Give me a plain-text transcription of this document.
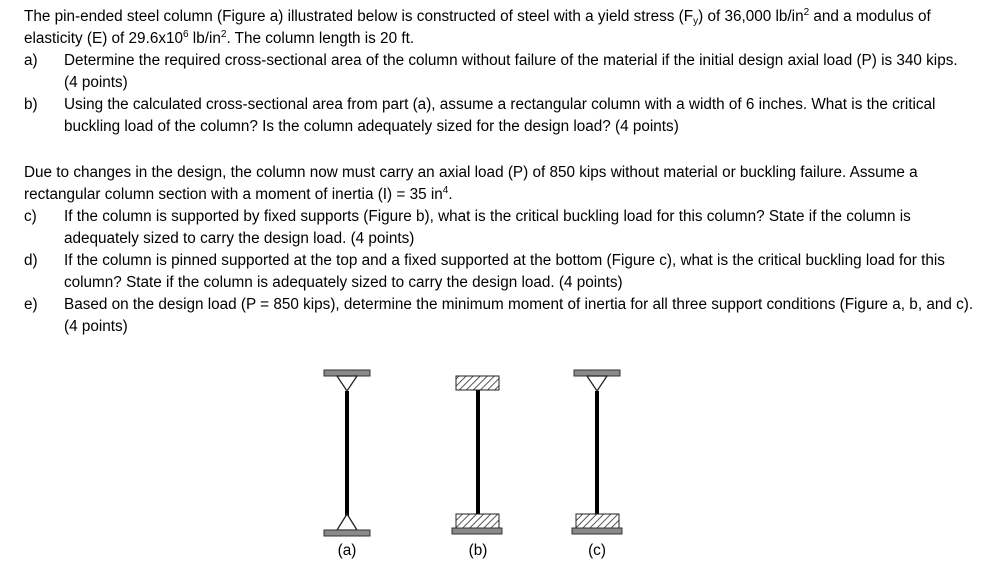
The pin-ended steel column (Figure a) illustrated below is constructed of steel with a yield stress $(F_y)$ of 36,000 $lb/in^2$ and a modulus of elasticity (E) of $29.6x10^6$ $lb/in^2$. The column length is 20 ft.
a)	Determine the required cross-sectional area of the column without failure of the material if the initial design axial load (P) is 340 kips. (4 points)
b)	Using the calculated cross-sectional area from part (a), assume a rectangular column with a width of 6 inches. What is the critical buckling load of the column? Is the column adequately sized for the design load? (4 points)
Due to changes in the design, the column now must carry an axial load (P) of 850 kips without material or buckling failure. Assume a rectangular column section with a moment of inertia (I) = 35 $in^4$.
c)	If the column is supported by fixed supports (Figure b), what is the critical buckling load for this column? State if the column is adequately sized to carry the design load. (4 points)
d)	If the column is pinned supported at the top and a fixed supported at the bottom (Figure c), what is the critical buckling load for this column? State if the column is adequately sized to carry the design load. (4 points)
e)	Based on the design load (P = 850 kips), determine the minimum moment of inertia for all three support conditions (Figure a, b, and c). (4 points)
(a)	(b)	(c)
